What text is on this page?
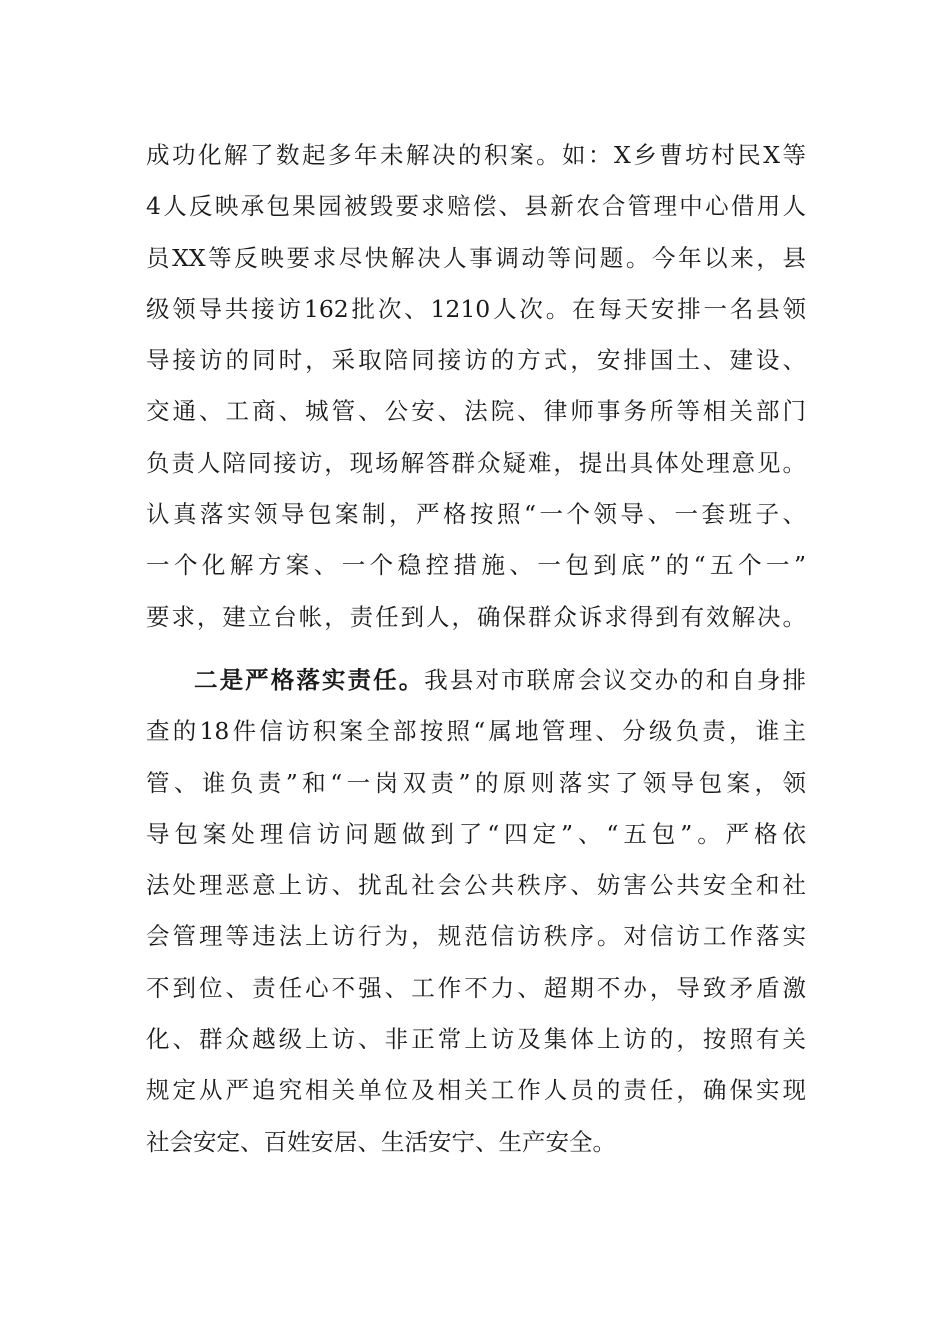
成功化解了数起多年未解决的积案。如：X乡曹坊村民X等
4人反映承包果园被毁要求赔偿、县新农合管理中心借用人
员XX等反映要求尽快解决人事调动等问题。今年以来，县
级领导共接访162批次、1210人次。在每天安排一名县领
导接访的同时，采取陪同接访的方式，安排国土、建设、
交通、工商、城管、公安、法院、律师事务所等相关部门
负责人陪同接访，现场解答群众疑难，提出具体处理意见。
认真落实领导包案制，严格按照“一个领导、一套班子、
一个化解方案、一个稳控措施、一包到底”的“五个一”
要求，建立台帐，责任到人，确保群众诉求得到有效解决。
二是严格落实责任。我县对市联席会议交办的和自身排
查的18件信访积案全部按照“属地管理、分级负责，谁主
管、谁负责”和“一岗双责”的原则落实了领导包案，领
导包案处理信访问题做到了“四定”、“五包”。严格依
法处理恶意上访、扰乱社会公共秩序、妨害公共安全和社
会管理等违法上访行为，规范信访秩序。对信访工作落实
不到位、责任心不强、工作不力、超期不办，导致矛盾激
化、群众越级上访、非正常上访及集体上访的，按照有关
规定从严追究相关单位及相关工作人员的责任，确保实现
社会安定、百姓安居、生活安宁、生产安全。
